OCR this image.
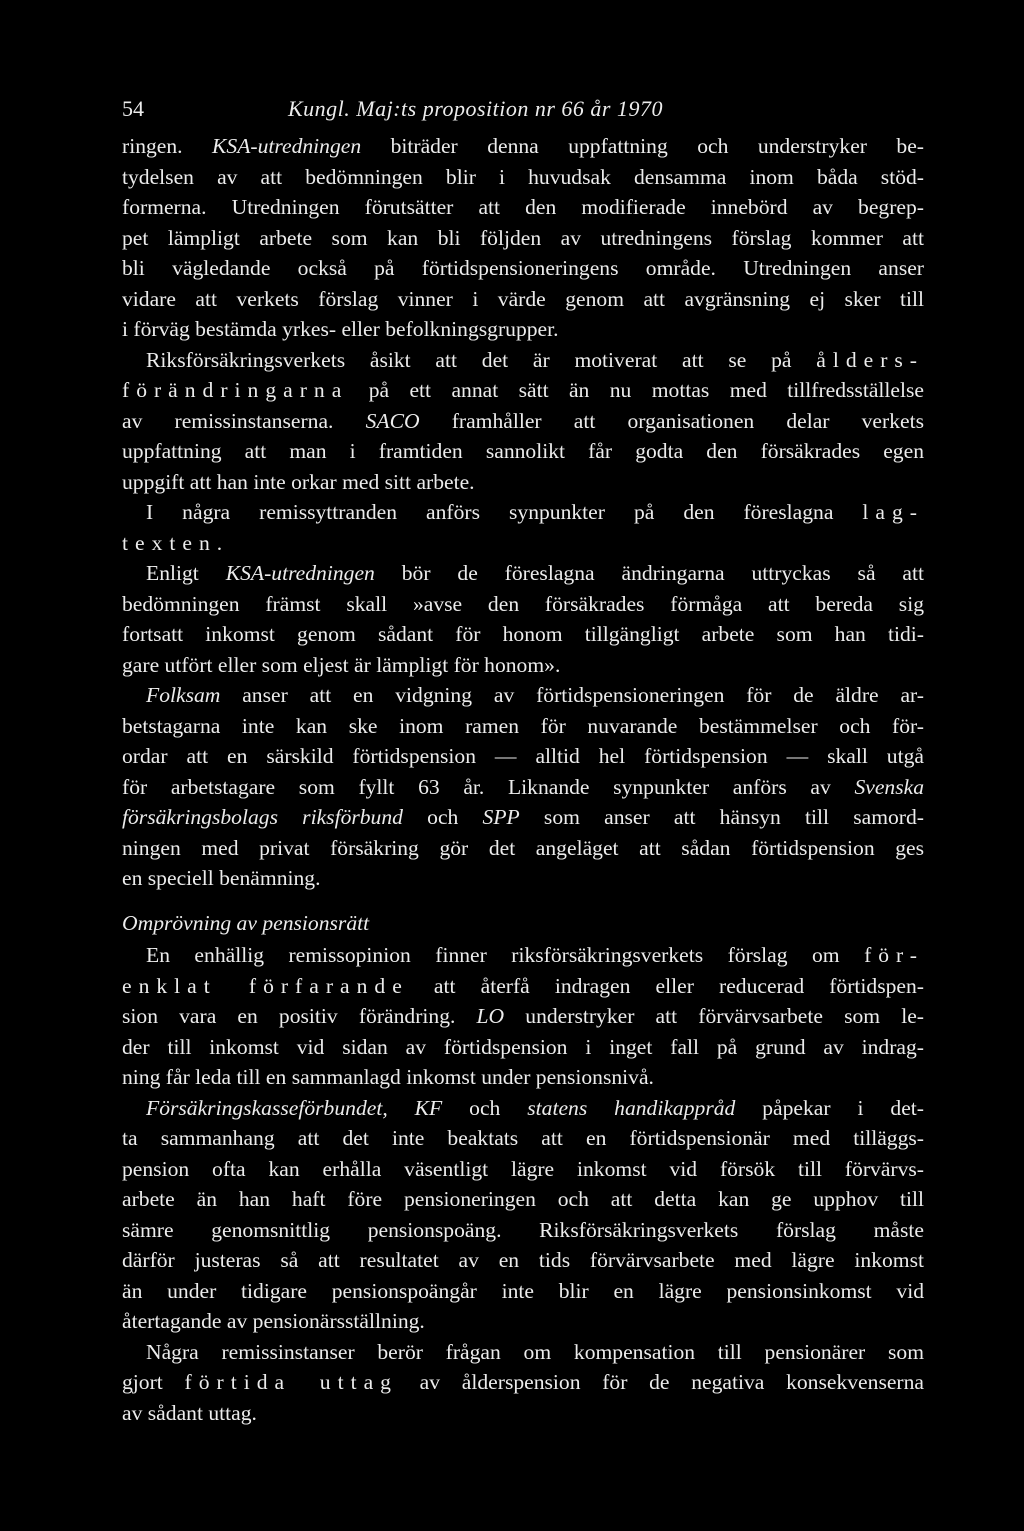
54	Kungl. Maj:ts proposition nr 66 år 1970
ringen. KSA-utredningen biträder denna uppfattning och understryker be-
tydelsen av att bedömningen blir i huvudsak densamma inom båda stöd-
formerna. Utredningen förutsätter att den modifierade innebörd av begrep-
pet lämpligt arbete som kan bli följden av utredningens förslag kommer att
bli vägledande också på förtidspensioneringens område. Utredningen anser
vidare att verkets förslag vinner i värde genom att avgränsning ej sker till
i förväg bestämda yrkes- eller befolkningsgrupper.
Riksförsäkringsverkets åsikt att det är motiverat att se på ålders-
förändringarna på ett annat sätt än nu mottas med tillfredsställelse
av remissinstanserna. SACO framhåller att organisationen delar verkets
uppfattning att man i framtiden sannolikt får godta den försäkrades egen
uppgift att han inte orkar med sitt arbete.
I några remissyttranden anförs synpunkter på den föreslagna lag-
texten.
Enligt KSA-utredningen bör de föreslagna ändringarna uttryckas så att
bedömningen främst skall »avse den försäkrades förmåga att bereda sig
fortsatt inkomst genom sådant för honom tillgängligt arbete som han tidi-
gare utfört eller som eljest är lämpligt för honom».
Folksam anser att en vidgning av förtidspensioneringen för de äldre ar-
betstagarna inte kan ske inom ramen för nuvarande bestämmelser och för-
ordar att en särskild förtidspension — alltid hel förtidspension — skall utgå
för arbetstagare som fyllt 63 år. Liknande synpunkter anförs av Svenska
försäkringsbolags riksförbund och SPP som anser att hänsyn till samord-
ningen med privat försäkring gör det angeläget att sådan förtidspension ges
en speciell benämning.
Omprövning av pensionsrätt
En enhällig remissopinion finner riksförsäkringsverkets förslag om för-
enklat förfarande att återfå indragen eller reducerad förtidspen-
sion vara en positiv förändring. LO understryker att förvärvsarbete som le-
der till inkomst vid sidan av förtidspension i inget fall på grund av indrag-
ning får leda till en sammanlagd inkomst under pensionsnivå.
Försäkringskasseförbundet, KF och statens handikappråd påpekar i det-
ta sammanhang att det inte beaktats att en förtidspensionär med tilläggs-
pension ofta kan erhålla väsentligt lägre inkomst vid försök till förvärvs-
arbete än han haft före pensioneringen och att detta kan ge upphov till
sämre genomsnittlig pensionspoäng. Riksförsäkringsverkets förslag måste
därför justeras så att resultatet av en tids förvärvsarbete med lägre inkomst
än under tidigare pensionspoängår inte blir en lägre pensionsinkomst vid
återtagande av pensionärsställning.
Några remissinstanser berör frågan om kompensation till pensionärer som
gjort förtida uttag av ålderspension för de negativa konsekvenserna
av sådant uttag.
